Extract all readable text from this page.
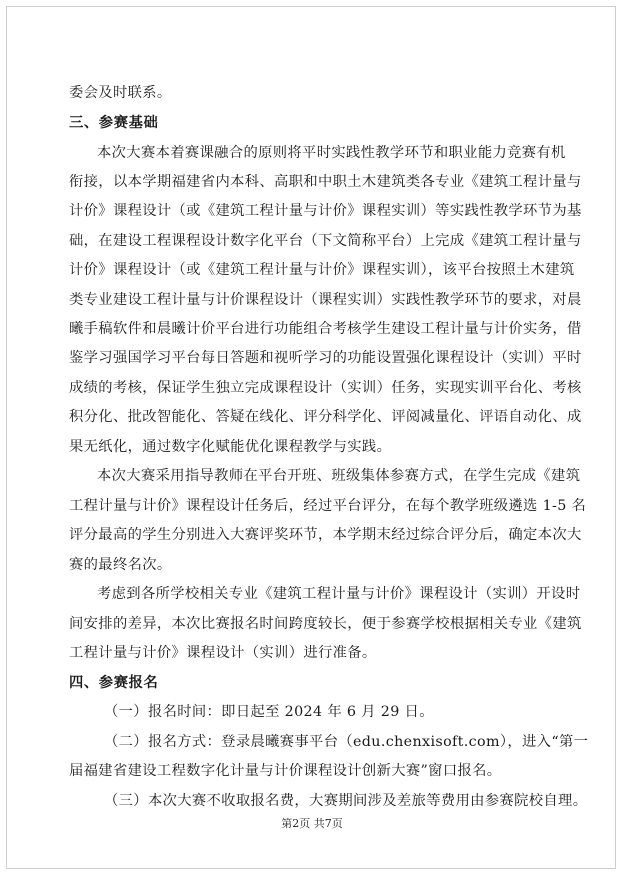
委会及时联系。
三、参赛基础
本次大赛本着赛课融合的原则将平时实践性教学环节和职业能力竞赛有机
衔接，以本学期福建省内本科、高职和中职土木建筑类各专业《建筑工程计量与
计价》课程设计（或《建筑工程计量与计价》课程实训）等实践性教学环节为基
础，在建设工程课程设计数字化平台（下文简称平台）上完成《建筑工程计量与
计价》课程设计（或《建筑工程计量与计价》课程实训），该平台按照土木建筑
类专业建设工程计量与计价课程设计（课程实训）实践性教学环节的要求，对晨
曦手稿软件和晨曦计价平台进行功能组合考核学生建设工程计量与计价实务，借
鉴学习强国学习平台每日答题和视听学习的功能设置强化课程设计（实训）平时
成绩的考核，保证学生独立完成课程设计（实训）任务，实现实训平台化、考核
积分化、批改智能化、答疑在线化、评分科学化、评阅减量化、评语自动化、成
果无纸化，通过数字化赋能优化课程教学与实践。
本次大赛采用指导教师在平台开班、班级集体参赛方式，在学生完成《建筑
工程计量与计价》课程设计任务后，经过平台评分，在每个教学班级遴选 1-5 名
评分最高的学生分别进入大赛评奖环节，本学期末经过综合评分后，确定本次大
赛的最终名次。
考虑到各所学校相关专业《建筑工程计量与计价》课程设计（实训）开设时
间安排的差异，本次比赛报名时间跨度较长，便于参赛学校根据相关专业《建筑
工程计量与计价》课程设计（实训）进行准备。
四、参赛报名
（一）报名时间：即日起至 2024 年 6 月 29 日。
（二）报名方式：登录晨曦赛事平台（edu.chenxisoft.com），进入“第一
届福建省建设工程数字化计量与计价课程设计创新大赛”窗口报名。
（三）本次大赛不收取报名费，大赛期间涉及差旅等费用由参赛院校自理。
第2页 共7页
